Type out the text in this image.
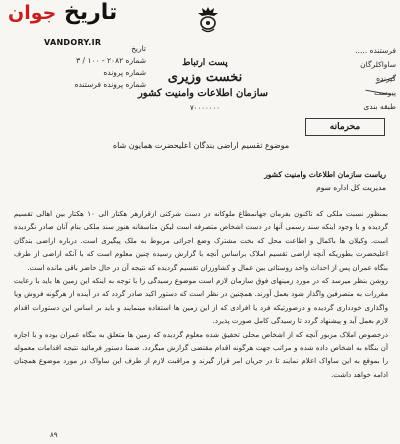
جوان تاریخ
VANDORY.IR
تاریخ
شماره ۲۰۸۲ - ۱۰۰ / ۳
شماره پرونده
شماره پرونده فرستنده
پست ارتباط
نخست وزیری
سازمان اطلاعات وامنیت کشور
۷۰۰۰۰۰۰۰
فرستنده ..... ساواکلرگان
گیرنده
پیوست
طبقه بندی
محرمانه
موضوع تقسیم اراضی بندگان اعلیحضرت همایون شاه
ریاست سازمان اطلاعات وامنیت کشور
مدیریت کل اداره سوم

بمنظور نسبت ملکی که تاکنون بفرمان جهانمطاع ملوکانه در دست شرکتی ازقرارهر هکتار الی ۱۰ هکتار بین اهالی تقسیم گردیده و با وجود اینکه سند رسمی آنها در دست اشخاص متصرفه است لیکن متاسفانه هنوز سند ملکی بنام آنان صادر نگردیده است. وکیلان ها باکمال و اطاعت محل که بخت مشترک وضع اجرائی مربوط به ملک پیگیری است. درباره اراضی بندگان اعلیحضرت بطوریکه آنچه اراضی تقسیم املاک براساس آنچه با گزارش رسیده چنین معلوم است که با آنکه اراضی از طرف بنگاه عمران پس از احداث واحد روستائی بین عمال و کشاورزان تقسیم گردیده که نتیجه آن در حال حاضر باقی مانده است.

روشن بنظر میرسد که در مورد زمینهای فوق سازمان لازم است موضوع رسیدگی را با توجه به اینکه این زمین ها باید با رعایت مقررات به متصرفین واگذار شود بعمل آورند. همچنین در نظر است که دستور اکید صادر گردد که در آینده از هرگونه فروش ویا واگذاری خودداری گردیده و درصورتیکه فرد یا افرادی که از این زمین ها استفاده مینمایند و باید بر اساس این دستورات اقدام لازم بعمل آید و پیشنهاد گردد تا رسیدگی کامل صورت پذیرد.

درخصوص املاک مزبور آنچه که از اشخاص محلی تحقیق شده معلوم گردیده که زمین ها متعلق به بنگاه عمران بوده و با اجازه آن بنگاه به اشخاص داده شده و مراتب جهت هرگونه اقدام مقتضی گزارش میگردد. ضمنا دستور فرمائید نتیجه اقدامات معموله را بموقع به این ساواک اعلام نمایند تا در جریان امر قرار گیرند و مراقبت لازم از طرف این ساواک در مورد موضوع همچنان ادامه خواهد داشت.

۸۹
